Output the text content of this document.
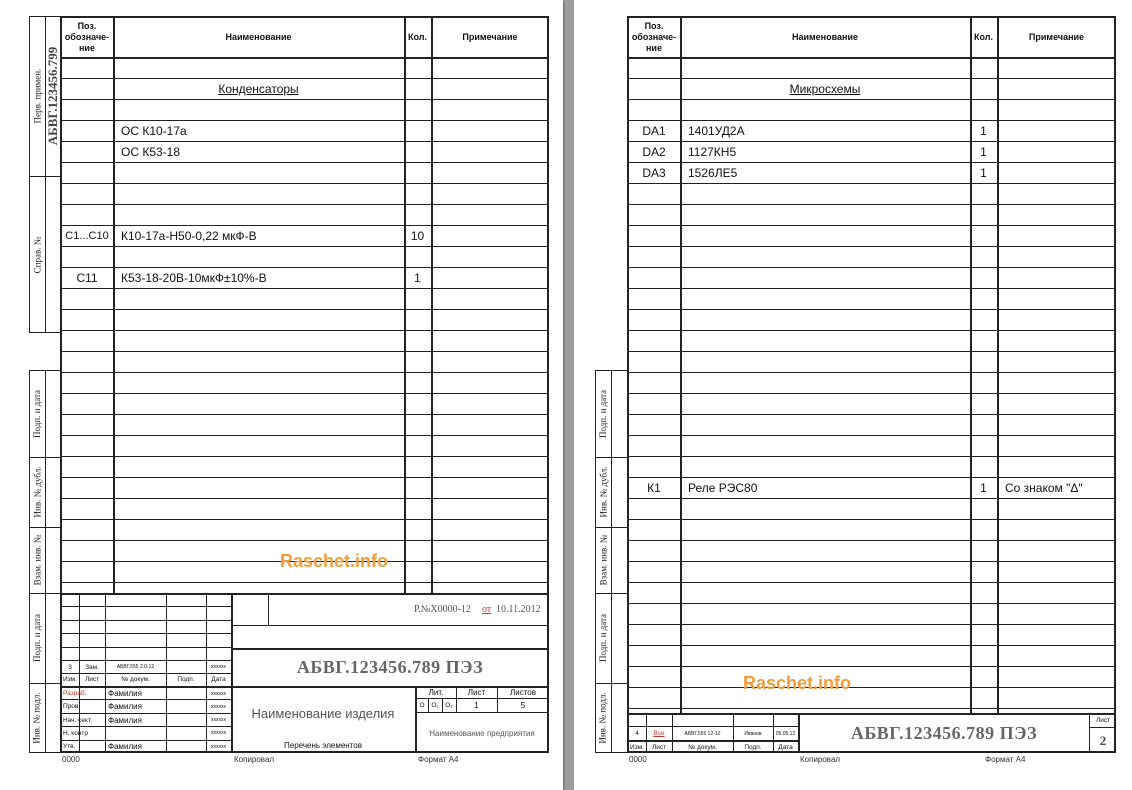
Перв. примен. АБВГ.123456.799
Справ. №
Подп. и дата
Инв. № дубл.
Взам. инв. №
Подп. и дата
Инв. № подл.
Поз.
обозначе-
ние
Наименование	Кол.	Примечание
Конденсаторы
ОС К10-17а
ОС К53-18
C1...C10	К10-17а-Н50-0,22 мкФ-В	10
C11	К53-18-20В-10мкФ±10%-В	1
Raschet.info
Р.№Х0000-12	от 10.11.2012
АБВГ.123456.789 ПЭЗ
Наименование изделия
Перечень элементов
Наименование предприятия
Лит.	Лист	Листов
О	О₁	О₂	1	5
3	Зам.	АБВГ.555 2.0-12	xxxxxx
Изм.	Лист	№ докум.	Подп.	Дата
Разраб.	Фамилия	xxxxxx
Пров.	Фамилия	xxxxxx
Нач. сект.	Фамилия	xxxxxx
Н. контр	xxxxxx
Утв.	Фамилия	xxxxxx
0000	Копировал	Формат А4
Подп. и дата
Инв. № дубл.
Взам. инв. №
Подп. и дата
Инв. № подл.
Поз.
обозначе-
ние
Наименование	Кол.	Примечание
Микросхемы
DA1	1401УД2А	1
DA2	1127КН5	1
DA3	1526ЛЕ5	1
К1	Реле РЭС80	1	Со знаком "Δ"
Raschet.info
4	Все	АБВГ.555 12-12	Иванов	05.05.12
Изм.	Лист	№ докум.	Подп.	Дата
АБВГ.123456.789 ПЭЗ
Лист
2
0000	Копировал	Формат А4
